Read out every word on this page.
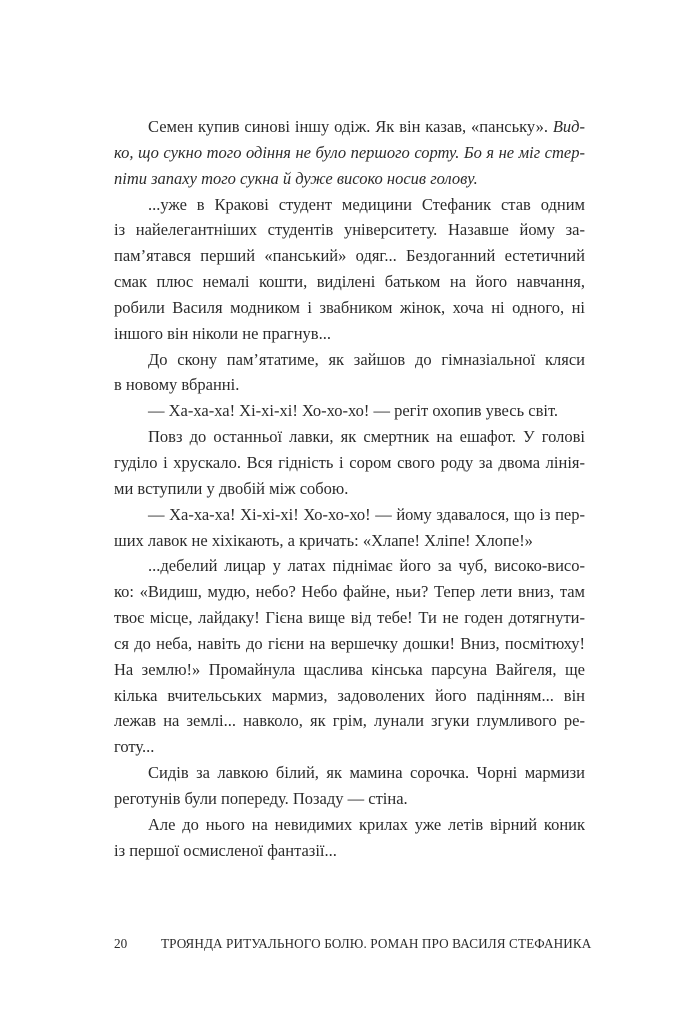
Семен купив синові іншу одіж. Як він казав, «панську». Вид-
ко, що сукно того одіння не було першого сорту. Бо я не міг стер-
піти запаху того сукна й дуже високо носив голову.
...уже в Кракові студент медицини Стефаник став одним
із найелегантніших студентів університету. Назавше йому за-
пам’ятався перший «панський» одяг... Бездоганний естетичний
смак плюс немалі кошти, виділені батьком на його навчання,
робили Василя модником і звабником жінок, хоча ні одного, ні
іншого він ніколи не прагнув...
До скону пам’ятатиме, як зайшов до гімназіальної кляси
в новому вбранні.
— Ха-ха-ха! Хі-хі-хі! Хо-хо-хо! — регіт охопив увесь світ.
Повз до останньої лавки, як смертник на ешафот. У голові
гуділо і хрускало. Вся гідність і сором свого роду за двома лінія-
ми вступили у двобій між собою.
— Ха-ха-ха! Хі-хі-хі! Хо-хо-хо! — йому здавалося, що із пер-
ших лавок не хіхікають, а кричать: «Хлапе! Хліпе! Хлопе!»
...дебелий лицар у латах піднімає його за чуб, високо-висо-
ко: «Видиш, мудю, небо? Небо файне, ньи? Тепер лети вниз, там
твоє місце, лайдаку! Гієна вище від тебе! Ти не годен дотягнути-
ся до неба, навіть до гієни на вершечку дошки! Вниз, посмітюху!
На землю!» Промайнула щаслива кінська парсуна Вайгеля, ще
кілька вчительських мармиз, задоволених його падінням... він
лежав на землі... навколо, як грім, лунали згуки глумливого ре-
готу...
Сидів за лавкою білий, як мамина сорочка. Чорні мармизи
реготунів були попереду. Позаду — стіна.
Але до нього на невидимих крилах уже летів вірний коник
із першої осмисленої фантазії...
20	ТРОЯНДА РИТУАЛЬНОГО БОЛЮ. РОМАН ПРО ВАСИЛЯ СТЕФАНИКА
